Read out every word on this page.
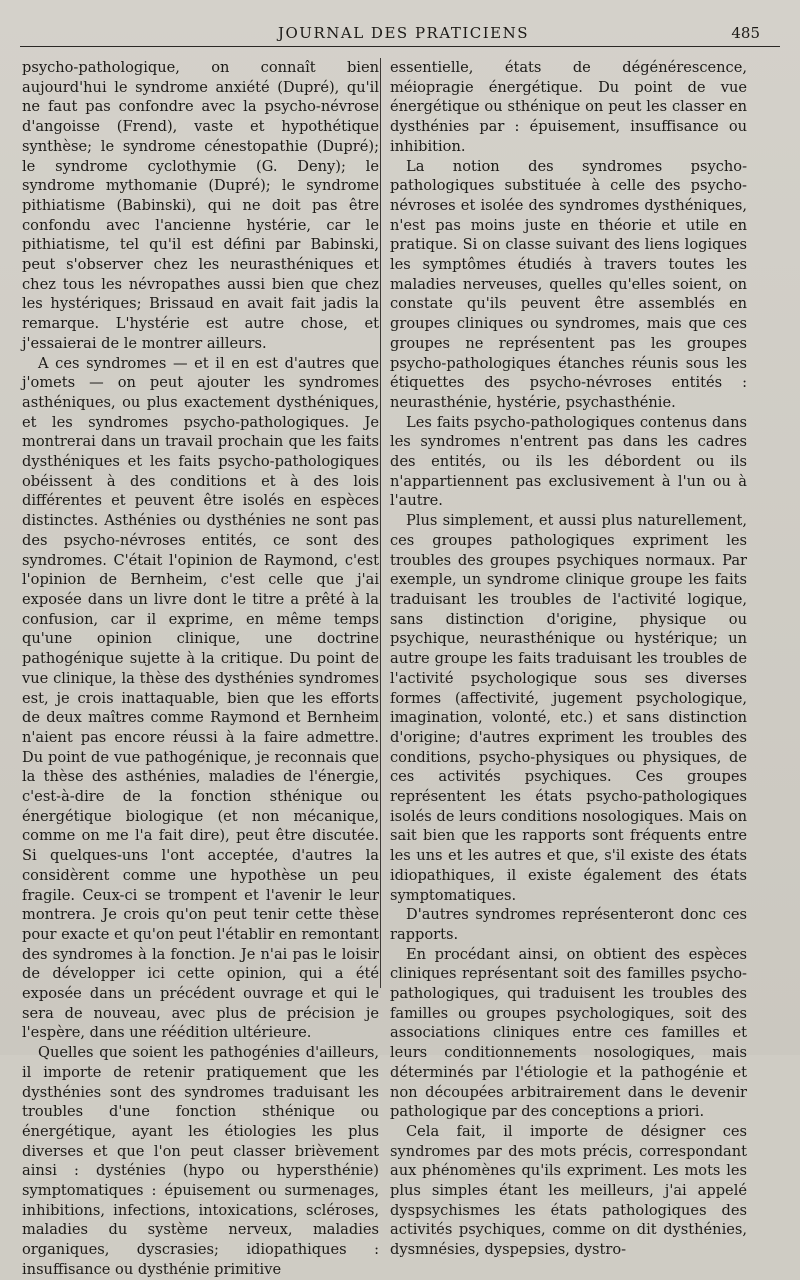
JOURNAL DES PRATICIENS	485

psycho-pathologique, on connaît bien aujourd'hui le syndrome anxiété (Dupré), qu'il ne faut pas confondre avec la psycho-névrose d'angoisse (Frend), vaste et hypothétique synthèse; le syndrome cénestopathie (Dupré); le syndrome cyclothymie (G. Deny); le syndrome mythomanie (Dupré); le syndrome pithiatisme (Babinski), qui ne doit pas être confondu avec l'ancienne hystérie, car le pithiatisme, tel qu'il est défini par Babinski, peut s'observer chez les neurasthéniques et chez tous les névropathes aussi bien que chez les hystériques; Brissaud en avait fait jadis la remarque. L'hystérie est autre chose, et j'essaierai de le montrer ailleurs.

A ces syndromes — et il en est d'autres que j'omets — on peut ajouter les syndromes asthéniques, ou plus exactement dysthéniques, et les syndromes psycho-pathologiques. Je montrerai dans un travail prochain que les faits dysthéniques et les faits psycho-pathologiques obéissent à des conditions et à des lois différentes et peuvent être isolés en espèces distinctes. Asthénies ou dysthénies ne sont pas des psycho-névroses entités, ce sont des syndromes. C'était l'opinion de Raymond, c'est l'opinion de Bernheim, c'est celle que j'ai exposée dans un livre dont le titre a prêté à la confusion, car il exprime, en même temps qu'une opinion clinique, une doctrine pathogénique sujette à la critique. Du point de vue clinique, la thèse des dysthénies syndromes est, je crois inattaquable, bien que les efforts de deux maîtres comme Raymond et Bernheim n'aient pas encore réussi à la faire admettre. Du point de vue pathogénique, je reconnais que la thèse des asthénies, maladies de l'énergie, c'est-à-dire de la fonction sthénique ou énergétique biologique (et non mécanique, comme on me l'a fait dire), peut être discutée. Si quelques-uns l'ont acceptée, d'autres la considèrent comme une hypothèse un peu fragile. Ceux-ci se trompent et l'avenir le leur montrera. Je crois qu'on peut tenir cette thèse pour exacte et qu'on peut l'établir en remontant des syndromes à la fonction. Je n'ai pas le loisir de développer ici cette opinion, qui a été exposée dans un précédent ouvrage et qui le sera de nouveau, avec plus de précision je l'espère, dans une réédition ultérieure.

Quelles que soient les pathogénies d'ailleurs, il importe de retenir pratiquement que les dysthénies sont des syndromes traduisant les troubles d'une fonction sthénique ou énergétique, ayant les étiologies les plus diverses et que l'on peut classer brièvement ainsi : dysténies (hypo ou hypersthénie) symptomatiques : épuisement ou surmenages, inhibitions, infections, intoxications, scléroses, maladies du système nerveux, maladies organiques, dyscrasies; idiopathiques : insuffisance ou dysthénie primitive

essentielle, états de dégénérescence, méiopragie énergétique. Du point de vue énergétique ou sthénique on peut les classer en dysthénies par : épuisement, insuffisance ou inhibition.

La notion des syndromes psycho-pathologiques substituée à celle des psycho-névroses et isolée des syndromes dysthéniques, n'est pas moins juste en théorie et utile en pratique. Si on classe suivant des liens logiques les symptômes étudiés à travers toutes les maladies nerveuses, quelles qu'elles soient, on constate qu'ils peuvent être assemblés en groupes cliniques ou syndromes, mais que ces groupes ne représentent pas les groupes psycho-pathologiques étanches réunis sous les étiquettes des psycho-névroses entités : neurasthénie, hystérie, psychasthénie.

Les faits psycho-pathologiques contenus dans les syndromes n'entrent pas dans les cadres des entités, ou ils les débordent ou ils n'appartiennent pas exclusivement à l'un ou à l'autre.

Plus simplement, et aussi plus naturellement, ces groupes pathologiques expriment les troubles des groupes psychiques normaux. Par exemple, un syndrome clinique groupe les faits traduisant les troubles de l'activité logique, sans distinction d'origine, physique ou psychique, neurasthénique ou hystérique; un autre groupe les faits traduisant les troubles de l'activité psychologique sous ses diverses formes (affectivité, jugement psychologique, imagination, volonté, etc.) et sans distinction d'origine; d'autres expriment les troubles des conditions, psycho-physiques ou physiques, de ces activités psychiques. Ces groupes représentent les états psycho-pathologiques isolés de leurs conditions nosologiques. Mais on sait bien que les rapports sont fréquents entre les uns et les autres et que, s'il existe des états idiopathiques, il existe également des états symptomatiques.

D'autres syndromes représenteront donc ces rapports.

En procédant ainsi, on obtient des espèces cliniques représentant soit des familles psycho-pathologiques, qui traduisent les troubles des familles ou groupes psychologiques, soit des associations cliniques entre ces familles et leurs conditionnements nosologiques, mais déterminés par l'étiologie et la pathogénie et non découpées arbitrairement dans le devenir pathologique par des conceptions a priori.

Cela fait, il importe de désigner ces syndromes par des mots précis, correspondant aux phénomènes qu'ils expriment. Les mots les plus simples étant les meilleurs, j'ai appelé dyspsychismes les états pathologiques des activités psychiques, comme on dit dysthénies, dysmnésies, dyspepsies, dystro-
